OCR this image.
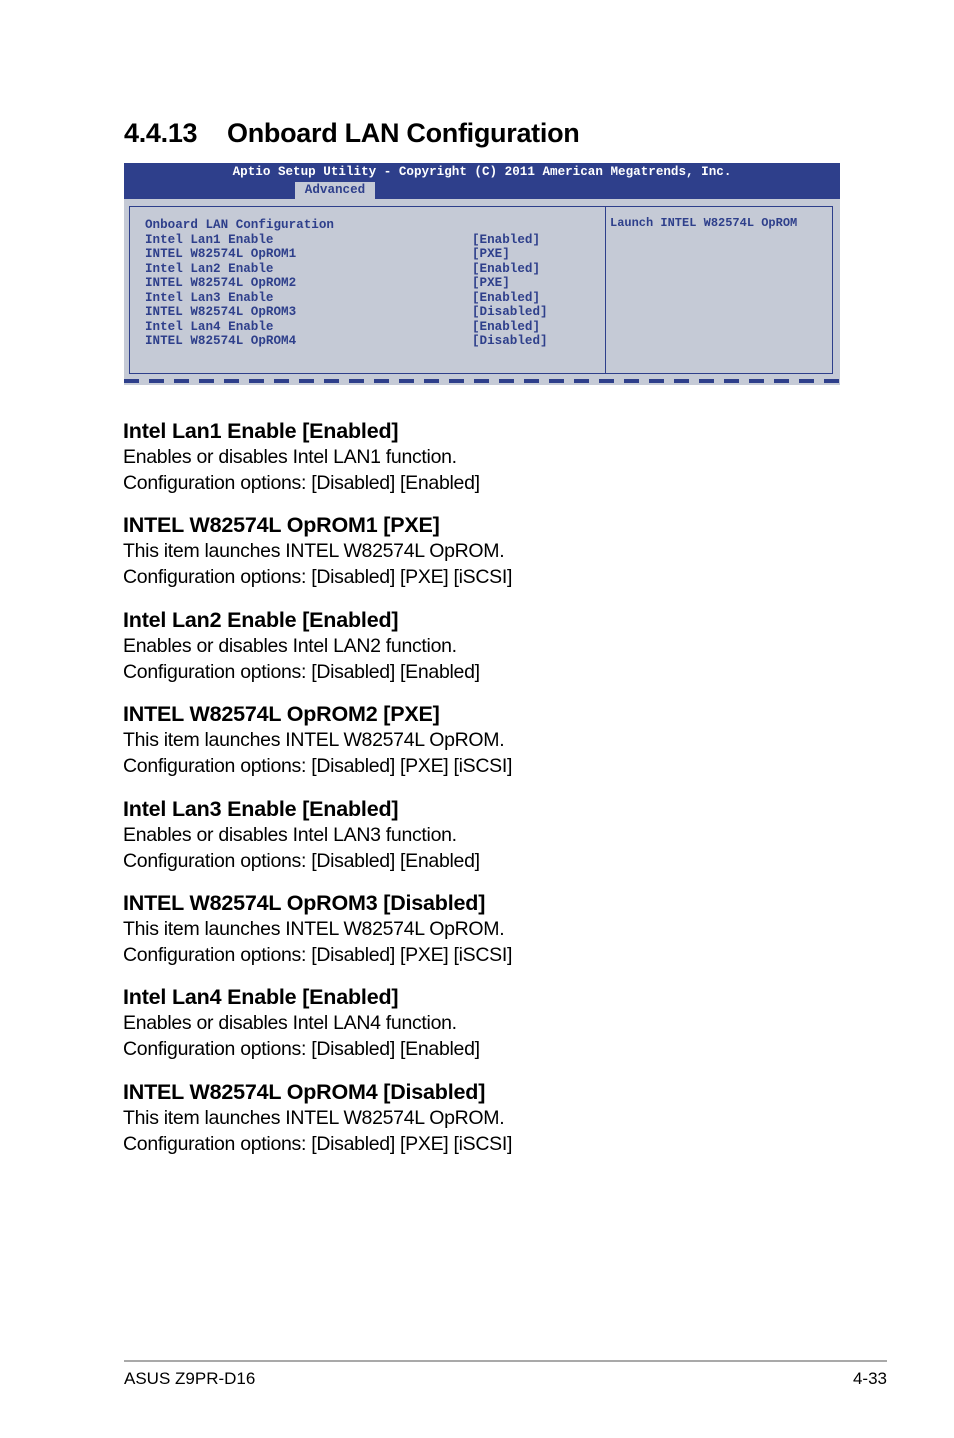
4.4.13 Onboard LAN Configuration
Aptio Setup Utility - Copyright (C) 2011 American Megatrends, Inc.
Advanced
Onboard LAN Configuration
Intel Lan1 Enable	[Enabled]
INTEL W82574L OpROM1	[PXE]
Intel Lan2 Enable	[Enabled]
INTEL W82574L OpROM2	[PXE]
Intel Lan3 Enable	[Enabled]
INTEL W82574L OpROM3	[Disabled]
Intel Lan4 Enable	[Enabled]
INTEL W82574L OpROM4	[Disabled]
Launch INTEL W82574L OpROM
Intel Lan1 Enable [Enabled]

Enables or disables Intel LAN1 function.

Configuration options: [Disabled] [Enabled]

INTEL W82574L OpROM1 [PXE]

This item launches INTEL W82574L OpROM.

Configuration options: [Disabled] [PXE] [iSCSI]

Intel Lan2 Enable [Enabled]

Enables or disables Intel LAN2 function.

Configuration options: [Disabled] [Enabled]

INTEL W82574L OpROM2 [PXE]

This item launches INTEL W82574L OpROM.

Configuration options: [Disabled] [PXE] [iSCSI]

Intel Lan3 Enable [Enabled]

Enables or disables Intel LAN3 function.

Configuration options: [Disabled] [Enabled]

INTEL W82574L OpROM3 [Disabled]

This item launches INTEL W82574L OpROM.

Configuration options: [Disabled] [PXE] [iSCSI]

Intel Lan4 Enable [Enabled]

Enables or disables Intel LAN4 function.

Configuration options: [Disabled] [Enabled]

INTEL W82574L OpROM4 [Disabled]

This item launches INTEL W82574L OpROM.

Configuration options: [Disabled] [PXE] [iSCSI]

ASUS Z9PR-D16	4-33
